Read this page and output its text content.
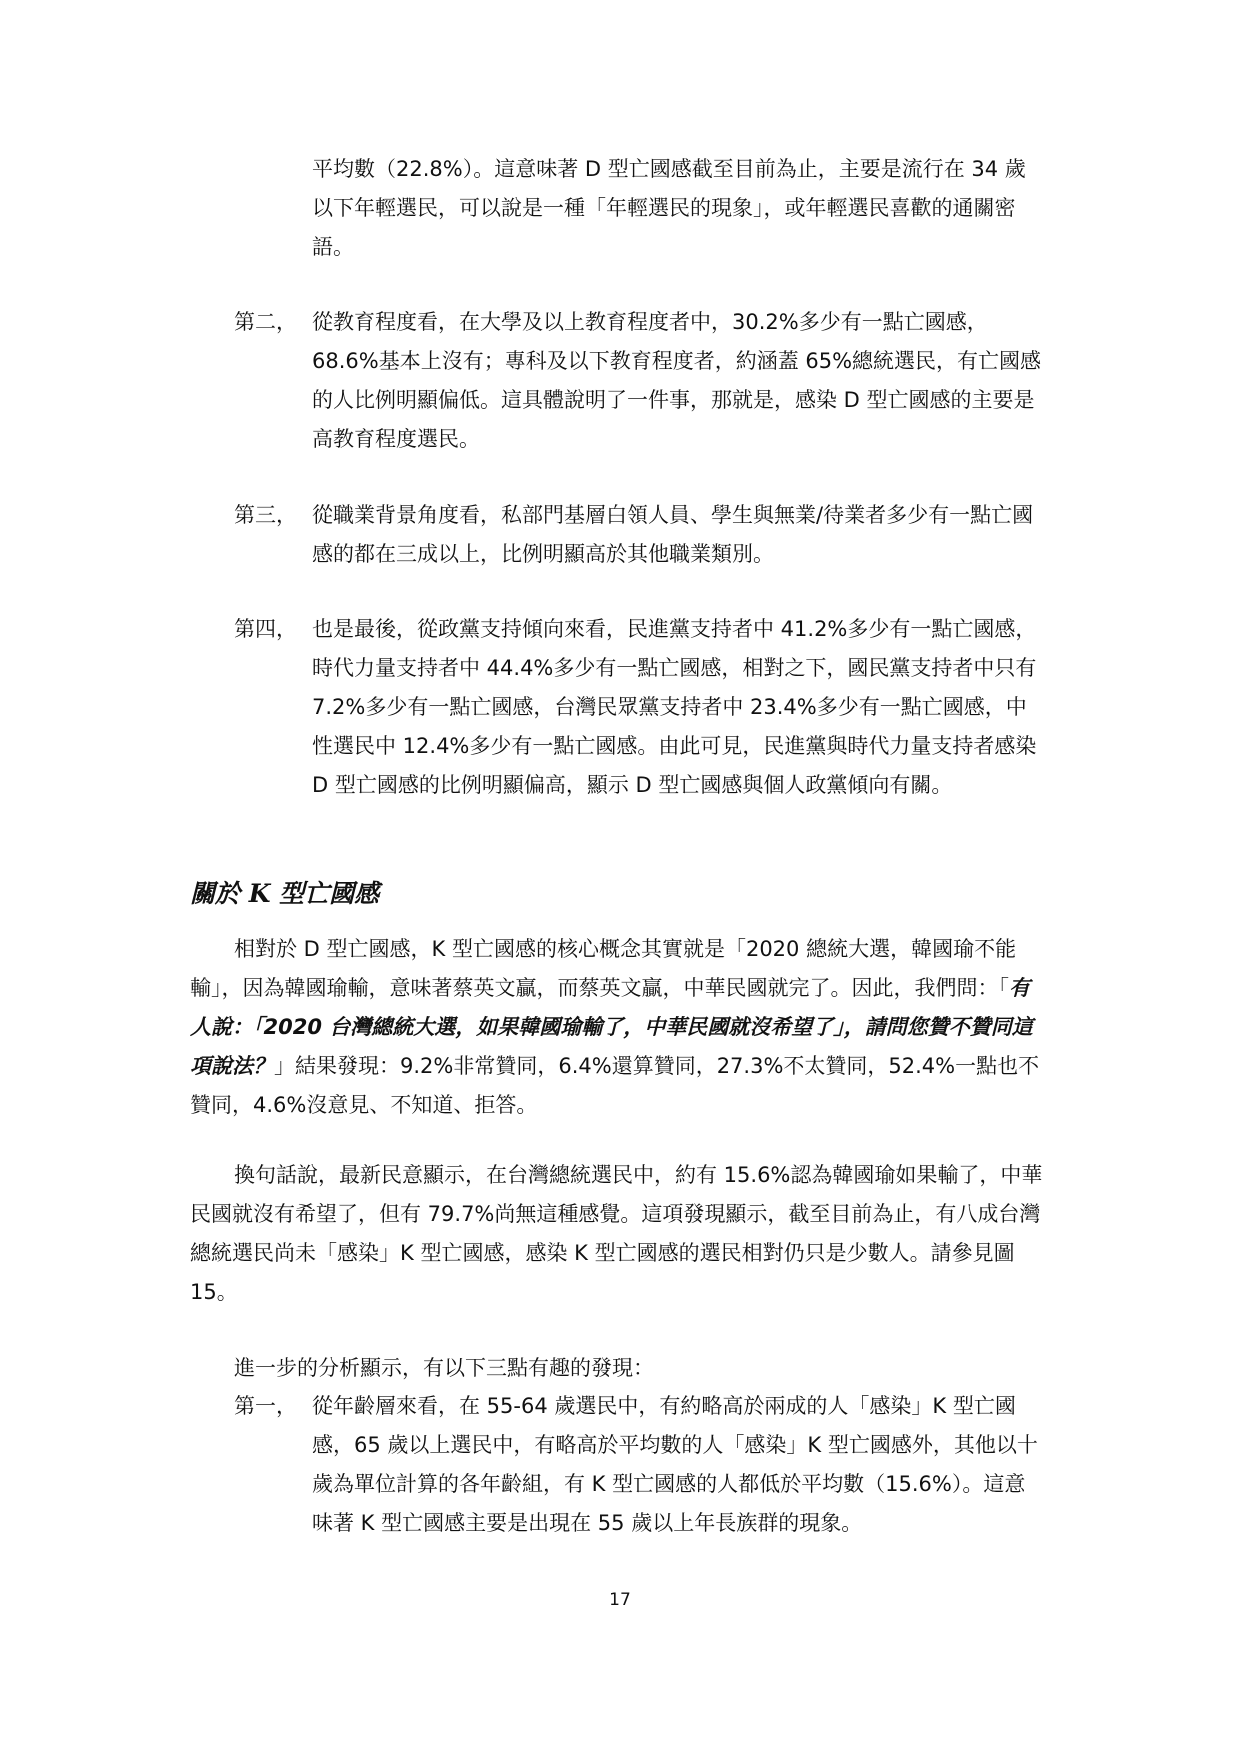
平均數（22.8%）。這意味著 D 型亡國感截至目前為止，主要是流行在 34 歲以下年輕選民，可以說是一種「年輕選民的現象」，或年輕選民喜歡的通關密語。
第二， 從教育程度看，在大學及以上教育程度者中，30.2%多少有一點亡國感，68.6%基本上沒有；專科及以下教育程度者，約涵蓋 65%總統選民，有亡國感的人比例明顯偏低。這具體說明了一件事，那就是，感染 D 型亡國感的主要是高教育程度選民。
第三， 從職業背景角度看，私部門基層白領人員、學生與無業/待業者多少有一點亡國感的都在三成以上，比例明顯高於其他職業類別。
第四， 也是最後，從政黨支持傾向來看，民進黨支持者中 41.2%多少有一點亡國感，時代力量支持者中 44.4%多少有一點亡國感，相對之下，國民黨支持者中只有 7.2%多少有一點亡國感，台灣民眾黨支持者中 23.4%多少有一點亡國感，中性選民中 12.4%多少有一點亡國感。由此可見，民進黨與時代力量支持者感染 D 型亡國感的比例明顯偏高，顯示 D 型亡國感與個人政黨傾向有關。
關於 K 型亡國感
相對於 D 型亡國感，K 型亡國感的核心概念其實就是「2020 總統大選，韓國瑜不能輸」，因為韓國瑜輸，意味著蔡英文贏，而蔡英文贏，中華民國就完了。因此，我們問：「有人說：「2020 台灣總統大選，如果韓國瑜輸了，中華民國就沒希望了」，請問您贊不贊同這項說法？」結果發現：9.2%非常贊同，6.4%還算贊同，27.3%不太贊同，52.4%一點也不贊同，4.6%沒意見、不知道、拒答。
換句話說，最新民意顯示，在台灣總統選民中，約有 15.6%認為韓國瑜如果輸了，中華民國就沒有希望了，但有 79.7%尚無這種感覺。這項發現顯示，截至目前為止，有八成台灣總統選民尚未「感染」K 型亡國感，感染 K 型亡國感的選民相對仍只是少數人。請參見圖 15。
進一步的分析顯示，有以下三點有趣的發現：
第一， 從年齡層來看，在 55-64 歲選民中，有約略高於兩成的人「感染」K 型亡國感，65 歲以上選民中，有略高於平均數的人「感染」K 型亡國感外，其他以十歲為單位計算的各年齡組，有 K 型亡國感的人都低於平均數（15.6%）。這意味著 K 型亡國感主要是出現在 55 歲以上年長族群的現象。
17
